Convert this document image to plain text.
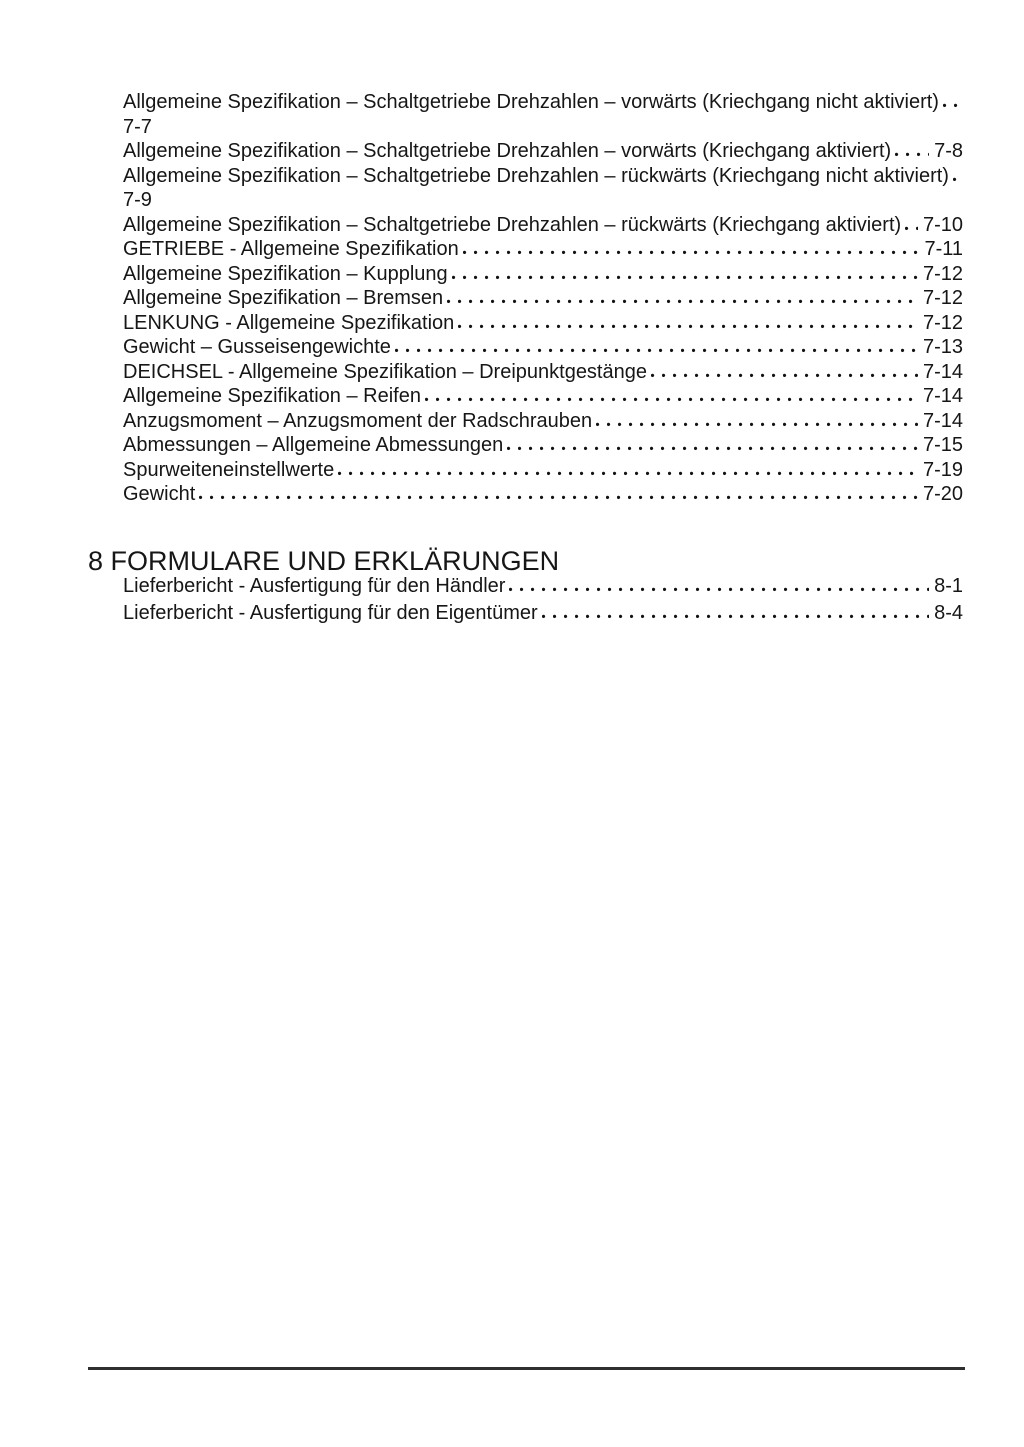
Allgemeine Spezifikation – Schaltgetriebe Drehzahlen – vorwärts (Kriechgang nicht aktiviert)
7-7
Allgemeine Spezifikation – Schaltgetriebe Drehzahlen – vorwärts (Kriechgang aktiviert) 7-8
Allgemeine Spezifikation – Schaltgetriebe Drehzahlen – rückwärts (Kriechgang nicht aktiviert)
7-9
Allgemeine Spezifikation – Schaltgetriebe Drehzahlen – rückwärts (Kriechgang aktiviert) 7-10
GETRIEBE - Allgemeine Spezifikation	7-11
Allgemeine Spezifikation – Kupplung	7-12
Allgemeine Spezifikation – Bremsen	7-12
LENKUNG - Allgemeine Spezifikation	7-12
Gewicht – Gusseisengewichte	7-13
DEICHSEL - Allgemeine Spezifikation – Dreipunktgestänge	7-14
Allgemeine Spezifikation – Reifen	7-14
Anzugsmoment – Anzugsmoment der Radschrauben	7-14
Abmessungen – Allgemeine Abmessungen	7-15
Spurweiteneinstellwerte	7-19
Gewicht	7-20
8 FORMULARE UND ERKLÄRUNGEN
Lieferbericht - Ausfertigung für den Händler	8-1
Lieferbericht - Ausfertigung für den Eigentümer	8-4
